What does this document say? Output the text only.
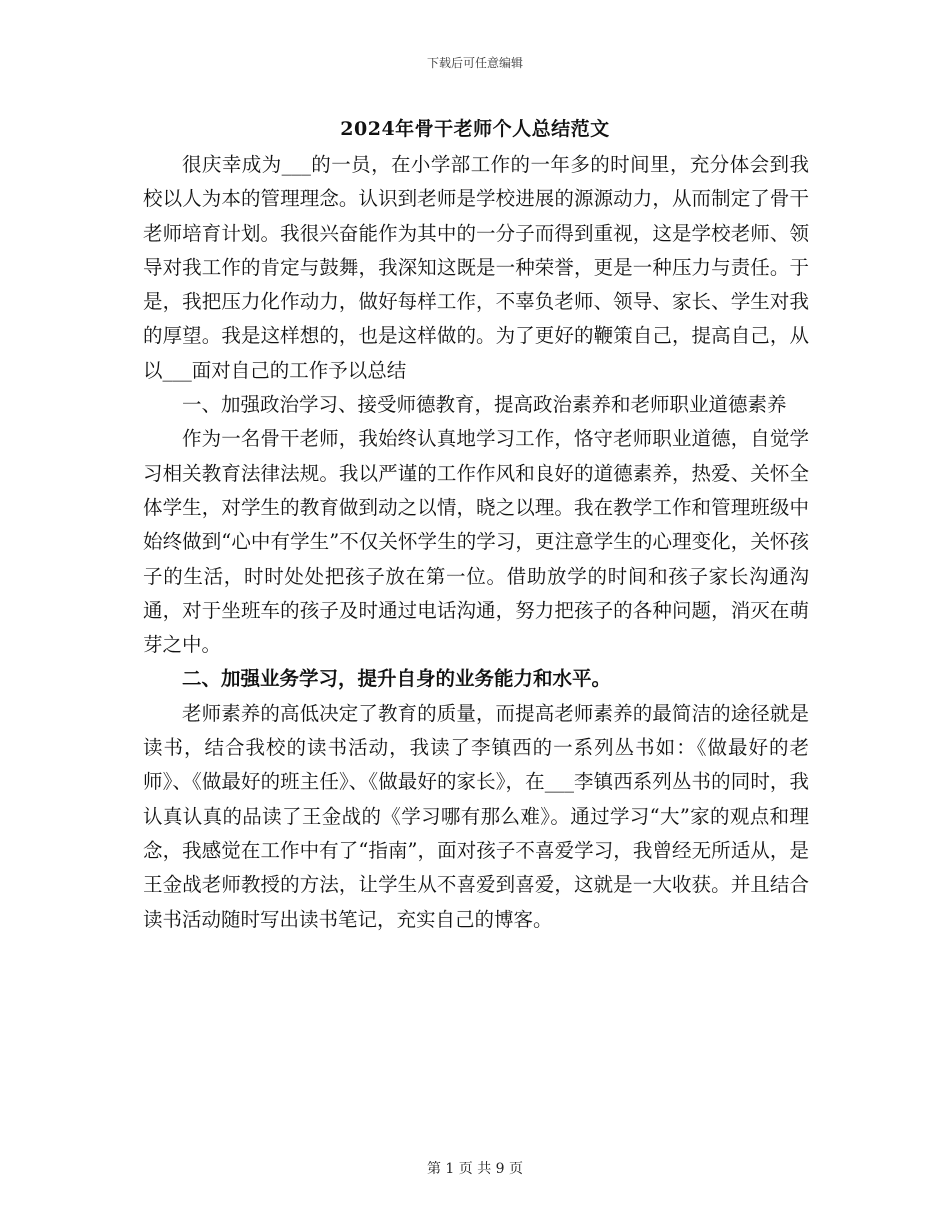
下载后可任意编辑
2024年骨干老师个人总结范文

很庆幸成为___的一员，在小学部工作的一年多的时间里，充分体会到我校以人为本的管理理念。认识到老师是学校进展的源源动力，从而制定了骨干老师培育计划。我很兴奋能作为其中的一分子而得到重视，这是学校老师、领导对我工作的肯定与鼓舞，我深知这既是一种荣誉，更是一种压力与责任。于是，我把压力化作动力，做好每样工作，不辜负老师、领导、家长、学生对我的厚望。我是这样想的，也是这样做的。为了更好的鞭策自己，提高自己，从以___面对自己的工作予以总结

一、加强政治学习、接受师德教育，提高政治素养和老师职业道德素养

作为一名骨干老师，我始终认真地学习工作，恪守老师职业道德，自觉学习相关教育法律法规。我以严谨的工作作风和良好的道德素养，热爱、关怀全体学生，对学生的教育做到动之以情，晓之以理。我在教学工作和管理班级中始终做到“心中有学生”不仅关怀学生的学习，更注意学生的心理变化，关怀孩子的生活，时时处处把孩子放在第一位。借助放学的时间和孩子家长沟通沟通，对于坐班车的孩子及时通过电话沟通，努力把孩子的各种问题，消灭在萌芽之中。

二、加强业务学习，提升自身的业务能力和水平。

老师素养的高低决定了教育的质量，而提高老师素养的最简洁的途径就是读书，结合我校的读书活动，我读了李镇西的一系列丛书如：《做最好的老师》、《做最好的班主任》、《做最好的家长》，在___李镇西系列丛书的同时，我认真认真的品读了王金战的《学习哪有那么难》。通过学习“大”家的观点和理念，我感觉在工作中有了“指南”，面对孩子不喜爱学习，我曾经无所适从，是王金战老师教授的方法，让学生从不喜爱到喜爱，这就是一大收获。并且结合读书活动随时写出读书笔记，充实自己的博客。

第 1 页 共 9 页
